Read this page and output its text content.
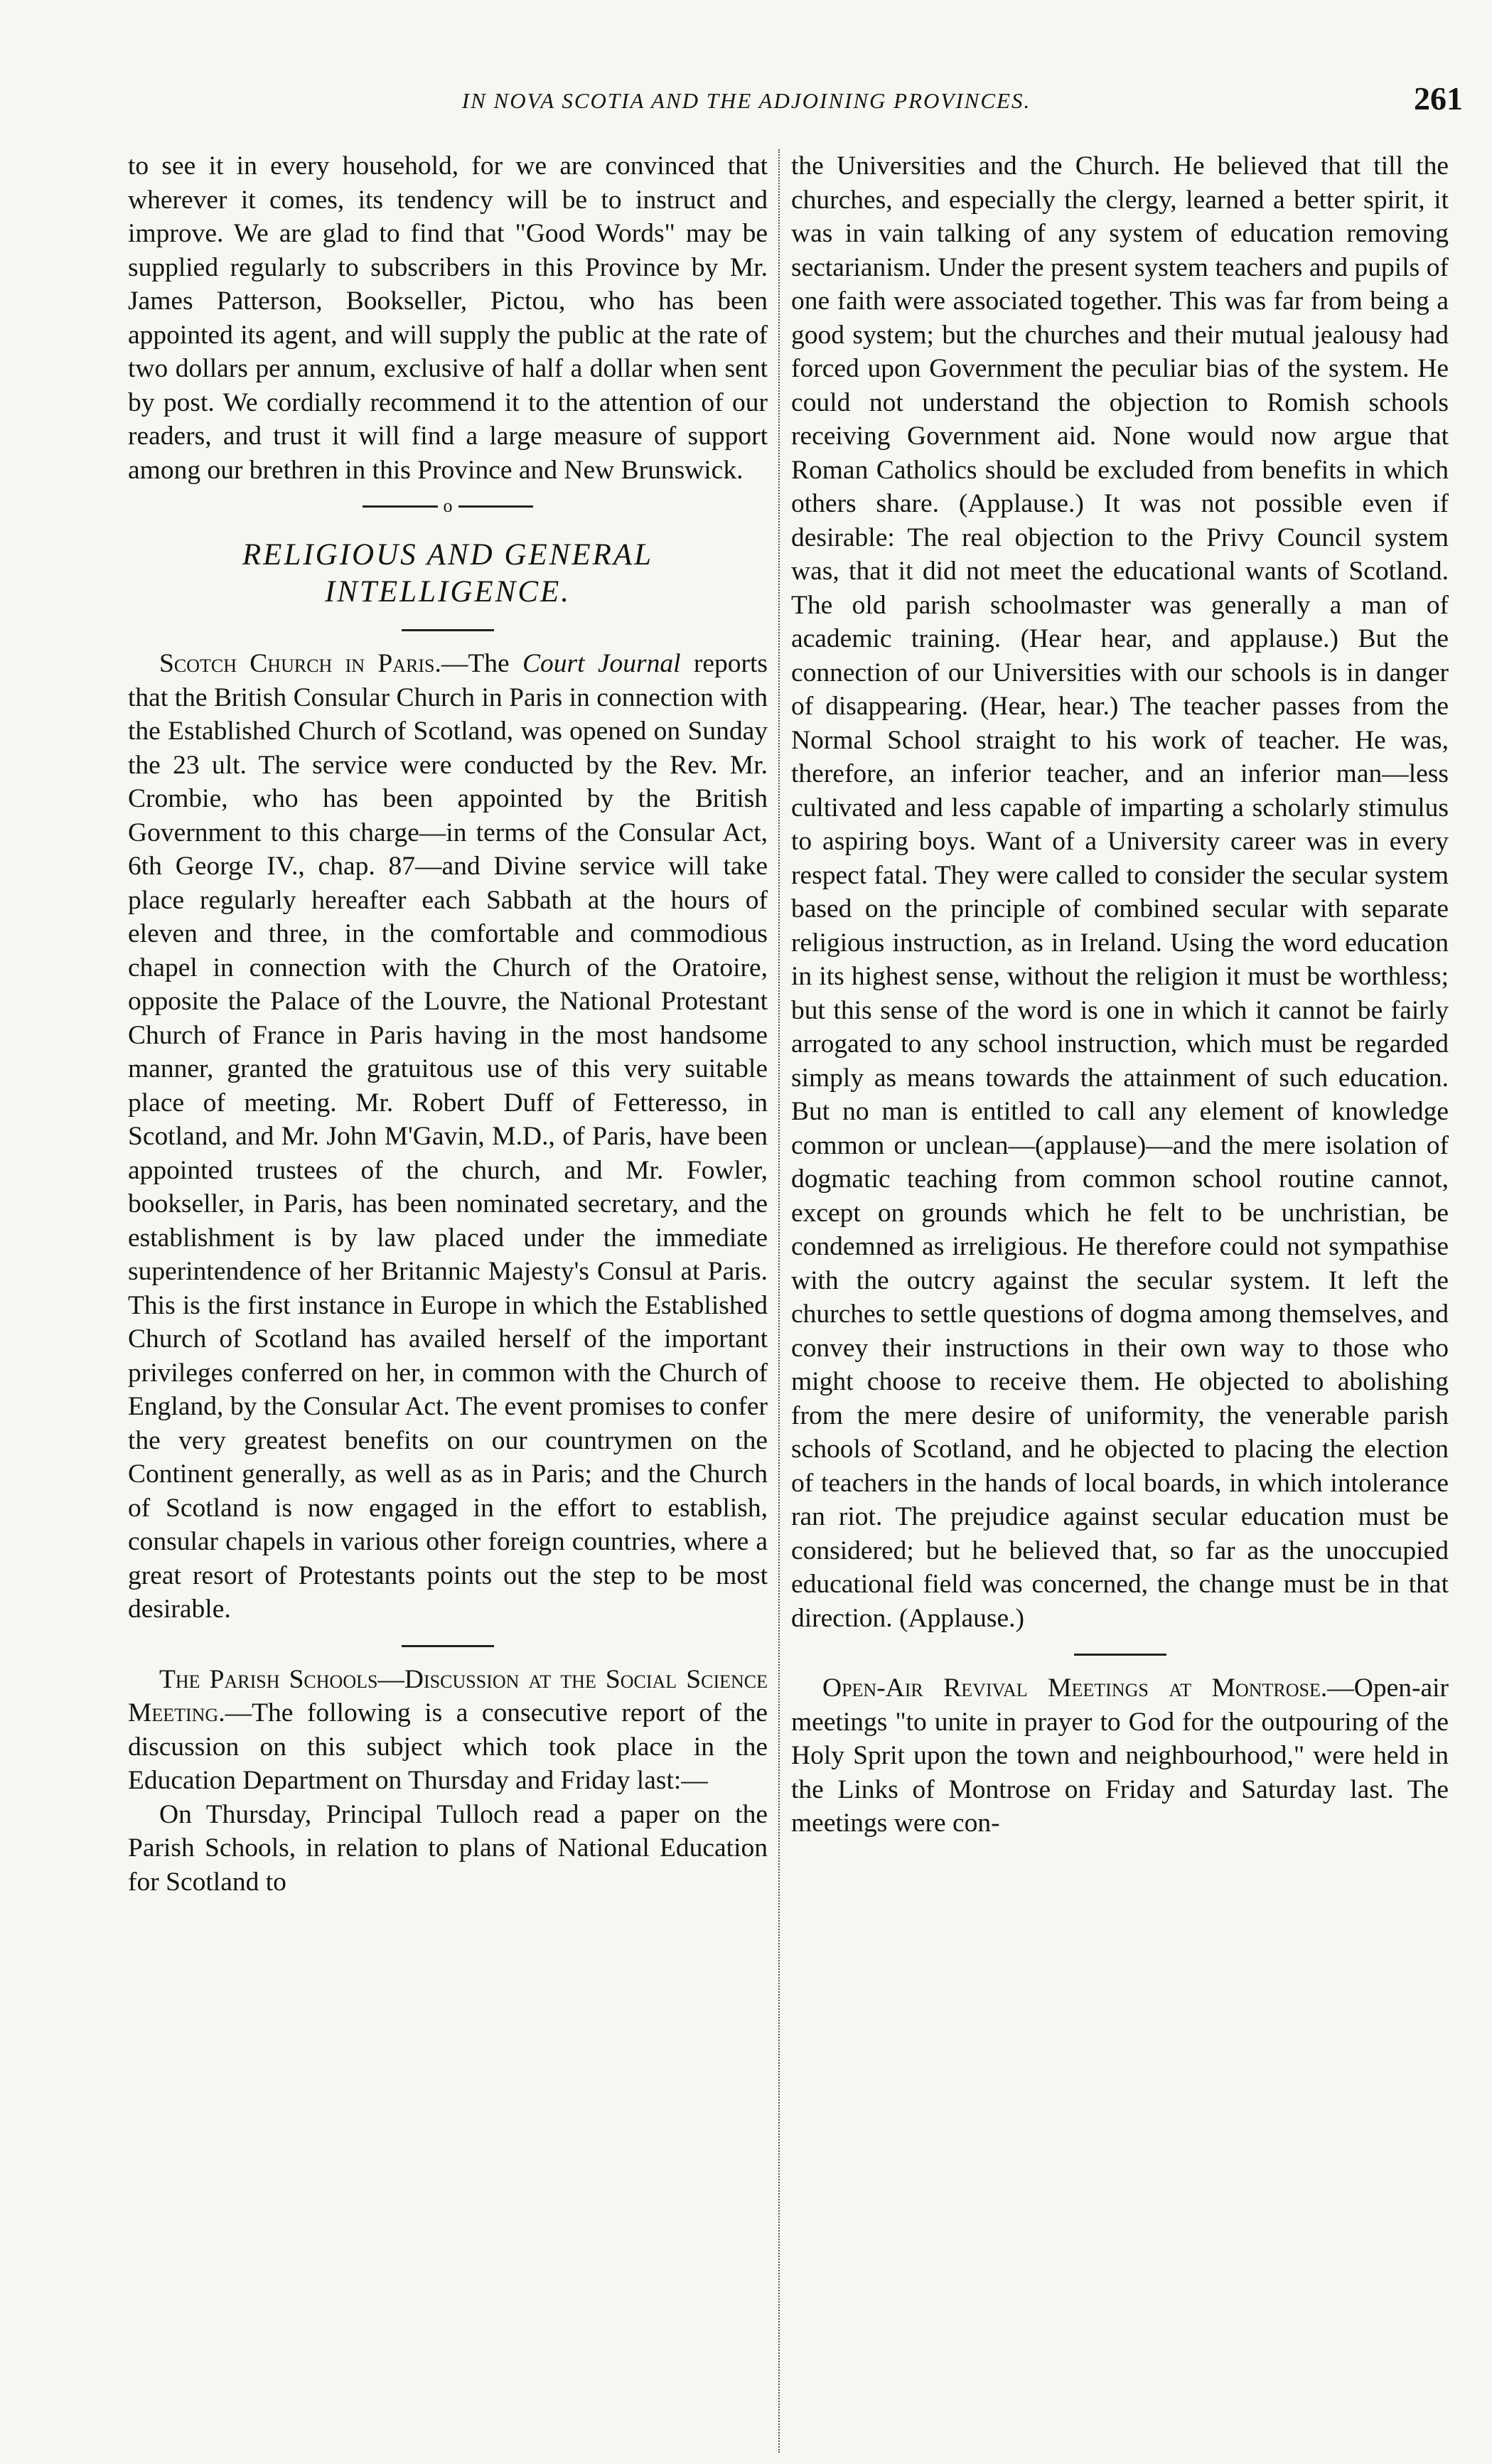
IN NOVA SCOTIA AND THE ADJOINING PROVINCES.	261

to see it in every household, for we are convinced that wherever it comes, its tendency will be to instruct and improve. We are glad to find that "Good Words" may be supplied regularly to subscribers in this Province by Mr. James Patterson, Bookseller, Pictou, who has been appointed its agent, and will supply the public at the rate of two dollars per annum, exclusive of half a dollar when sent by post. We cordially recommend it to the attention of our readers, and trust it will find a large measure of support among our brethren in this Province and New Brunswick.

o
RELIGIOUS AND GENERAL
INTELLIGENCE.

Scotch Church in Paris.—The Court Journal reports that the British Consular Church in Paris in connection with the Established Church of Scotland, was opened on Sunday the 23 ult. The service were conducted by the Rev. Mr. Crombie, who has been appointed by the British Government to this charge—in terms of the Consular Act, 6th George IV., chap. 87—and Divine service will take place regularly hereafter each Sabbath at the hours of eleven and three, in the comfortable and commodious chapel in connection with the Church of the Oratoire, opposite the Palace of the Louvre, the National Protestant Church of France in Paris having in the most handsome manner, granted the gratuitous use of this very suitable place of meeting. Mr. Robert Duff of Fetteresso, in Scotland, and Mr. John M'Gavin, M.D., of Paris, have been appointed trustees of the church, and Mr. Fowler, bookseller, in Paris, has been nominated secretary, and the establishment is by law placed under the immediate superintendence of her Britannic Majesty's Consul at Paris. This is the first instance in Europe in which the Established Church of Scotland has availed herself of the important privileges conferred on her, in common with the Church of England, by the Consular Act. The event promises to confer the very greatest benefits on our countrymen on the Continent generally, as well as as in Paris; and the Church of Scotland is now engaged in the effort to establish, consular chapels in various other foreign countries, where a great resort of Protestants points out the step to be most desirable.

The Parish Schools—Discussion at the Social Science Meeting.—The following is a consecutive report of the discussion on this subject which took place in the Education Department on Thursday and Friday last:—

On Thursday, Principal Tulloch read a paper on the Parish Schools, in relation to plans of National Education for Scotland to

the Universities and the Church. He believed that till the churches, and especially the clergy, learned a better spirit, it was in vain talking of any system of education removing sectarianism. Under the present system teachers and pupils of one faith were associated together. This was far from being a good system; but the churches and their mutual jealousy had forced upon Government the peculiar bias of the system. He could not understand the objection to Romish schools receiving Government aid. None would now argue that Roman Catholics should be excluded from benefits in which others share. (Applause.) It was not possible even if desirable: The real objection to the Privy Council system was, that it did not meet the educational wants of Scotland. The old parish schoolmaster was generally a man of academic training. (Hear hear, and applause.) But the connection of our Universities with our schools is in danger of disappearing. (Hear, hear.) The teacher passes from the Normal School straight to his work of teacher. He was, therefore, an inferior teacher, and an inferior man—less cultivated and less capable of imparting a scholarly stimulus to aspiring boys. Want of a University career was in every respect fatal. They were called to consider the secular system based on the principle of combined secular with separate religious instruction, as in Ireland. Using the word education in its highest sense, without the religion it must be worthless; but this sense of the word is one in which it cannot be fairly arrogated to any school instruction, which must be regarded simply as means towards the attainment of such education. But no man is entitled to call any element of knowledge common or unclean—(applause)—and the mere isolation of dogmatic teaching from common school routine cannot, except on grounds which he felt to be unchristian, be condemned as irreligious. He therefore could not sympathise with the outcry against the secular system. It left the churches to settle questions of dogma among themselves, and convey their instructions in their own way to those who might choose to receive them. He objected to abolishing from the mere desire of uniformity, the venerable parish schools of Scotland, and he objected to placing the election of teachers in the hands of local boards, in which intolerance ran riot. The prejudice against secular education must be considered; but he believed that, so far as the unoccupied educational field was concerned, the change must be in that direction. (Applause.)

Open-Air Revival Meetings at Montrose.—Open-air meetings "to unite in prayer to God for the outpouring of the Holy Sprit upon the town and neighbourhood," were held in the Links of Montrose on Friday and Saturday last. The meetings were con-
